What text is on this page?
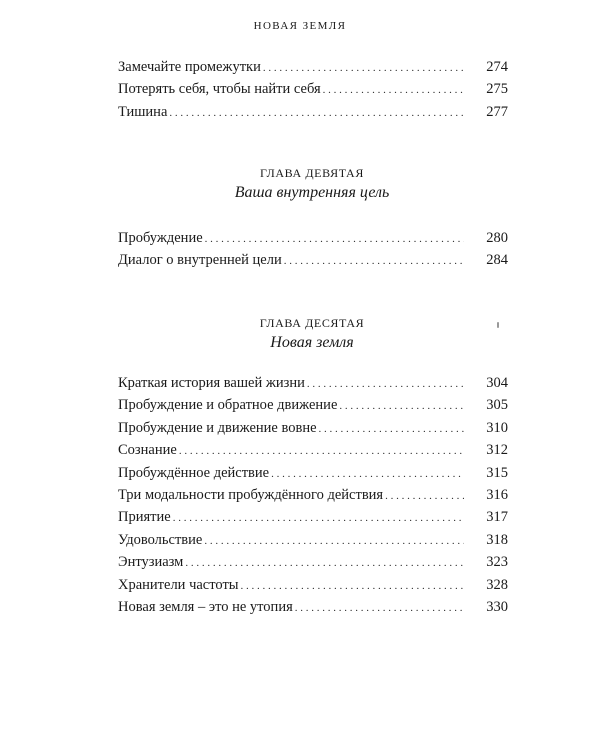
НОВАЯ ЗЕМЛЯ
Замечайте промежутки . . .	274
Потерять себя, чтобы найти себя . . .	275
Тишина . . .	277
ГЛАВА ДЕВЯТАЯ
Ваша внутренняя цель
Пробуждение . . .	280
Диалог о внутренней цели . . .	284
ГЛАВА ДЕСЯТАЯ
Новая земля
Краткая история вашей жизни . . .	304
Пробуждение и обратное движение . . .	305
Пробуждение и движение вовне . . .	310
Сознание . . .	312
Пробуждённое действие . . .	315
Три модальности пробуждённого действия . . .	316
Приятие . . .	317
Удовольствие . . .	318
Энтузиазм . . .	323
Хранители частоты . . .	328
Новая земля – это не утопия . . .	330
